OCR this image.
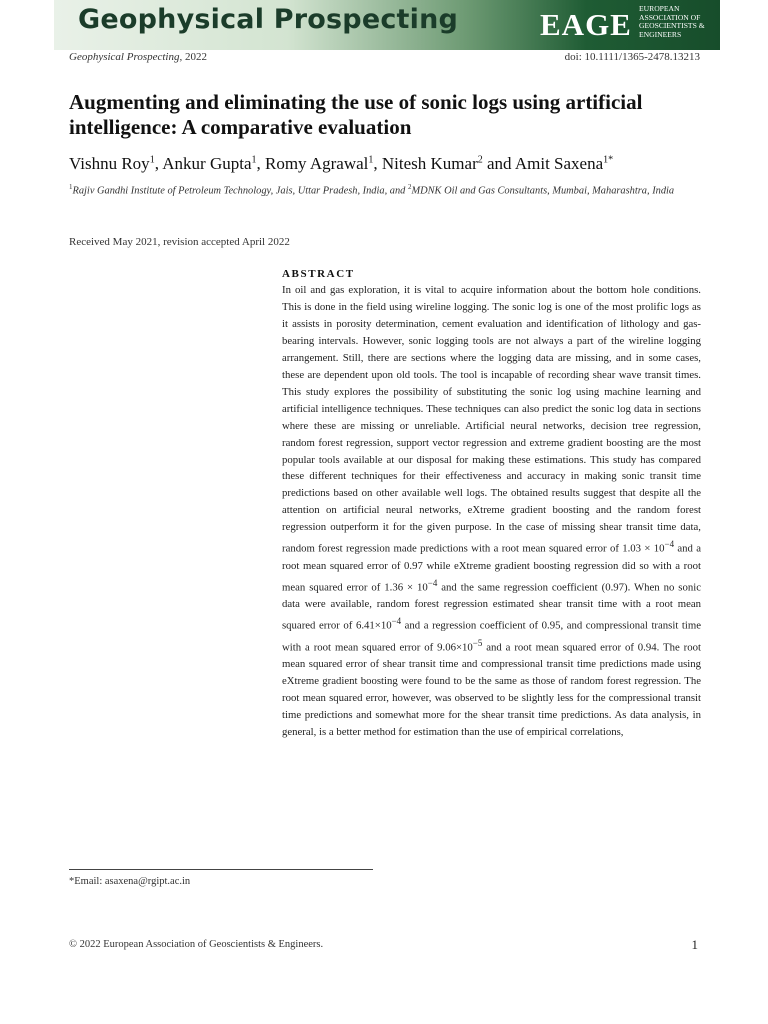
Geophysical Prospecting	EAGE EUROPEAN
ASSOCIATION OF
GEOSCIENTISTS &
ENGINEERS
Geophysical Prospecting, 2022	doi: 10.1111/1365-2478.13213
Augmenting and eliminating the use of sonic logs using artificial intelligence: A comparative evaluation
Vishnu Roy$^1$, Ankur Gupta$^1$, Romy Agrawal$^1$, Nitesh Kumar$^2$ and Amit Saxena$^{1*}$
$^1$Rajiv Gandhi Institute of Petroleum Technology, Jais, Uttar Pradesh, India, and $^2$MDNK Oil and Gas Consultants, Mumbai, Maharashtra, India
Received May 2021, revision accepted April 2022
ABSTRACT

In oil and gas exploration, it is vital to acquire information about the bottom hole conditions. This is done in the field using wireline logging. The sonic log is one of the most prolific logs as it assists in porosity determination, cement evaluation and identification of lithology and gas-bearing intervals. However, sonic logging tools are not always a part of the wireline logging arrangement. Still, there are sections where the logging data are missing, and in some cases, these are dependent upon old tools. The tool is incapable of recording shear wave transit times. This study explores the possibility of substituting the sonic log using machine learning and artificial intelligence techniques. These techniques can also predict the sonic log data in sections where these are missing or unreliable. Artificial neural networks, decision tree regression, random forest regression, support vector regression and extreme gradient boosting are the most popular tools available at our disposal for making these estimations. This study has compared these different techniques for their effectiveness and accuracy in making sonic transit time predictions based on other available well logs. The obtained results suggest that despite all the attention on artificial neural networks, eXtreme gradient boosting and the random forest regression outperform it for the given purpose. In the case of missing shear transit time data, random forest regression made predictions with a root mean squared error of $1.03 \times 10^{-4}$ and a root mean squared error of 0.97 while eXtreme gradient boosting regression did so with a root mean squared error of $1.36 \times 10^{-4}$ and the same regression coefficient (0.97). When no sonic data were available, random forest regression estimated shear transit time with a root mean squared error of $6.41\times 10^{-4}$ and a regression coefficient of 0.95, and compressional transit time with a root mean squared error of $9.06\times 10^{-5}$ and a root mean squared error of 0.94. The root mean squared error of shear transit time and compressional transit time predictions made using eXtreme gradient boosting were found to be the same as those of random forest regression. The root mean squared error, however, was observed to be slightly less for the compressional transit time predictions and somewhat more for the shear transit time predictions. As data analysis, in general, is a better method for estimation than the use of empirical correlations,

*Email: asaxena@rgipt.ac.in
© 2022 European Association of Geoscientists & Engineers.	1
